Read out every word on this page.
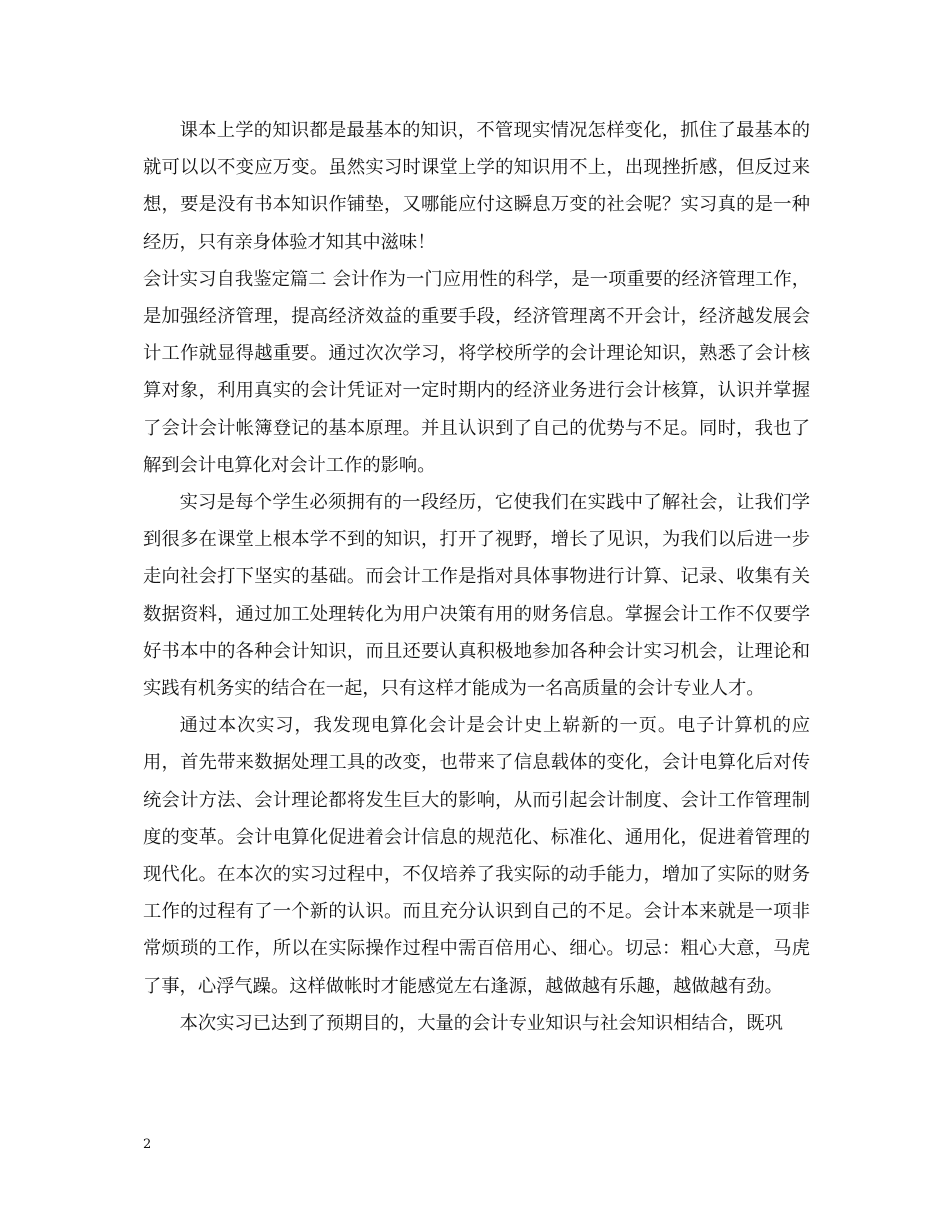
课本上学的知识都是最基本的知识，不管现实情况怎样变化，抓住了最基本的就可以以不变应万变。虽然实习时课堂上学的知识用不上，出现挫折感，但反过来想，要是没有书本知识作铺垫，又哪能应付这瞬息万变的社会呢？实习真的是一种经历，只有亲身体验才知其中滋味！

会计实习自我鉴定篇二 会计作为一门应用性的科学，是一项重要的经济管理工作，是加强经济管理，提高经济效益的重要手段，经济管理离不开会计，经济越发展会计工作就显得越重要。通过次次学习，将学校所学的会计理论知识，熟悉了会计核算对象，利用真实的会计凭证对一定时期内的经济业务进行会计核算，认识并掌握了会计会计帐簿登记的基本原理。并且认识到了自己的优势与不足。同时，我也了解到会计电算化对会计工作的影响。

实习是每个学生必须拥有的一段经历，它使我们在实践中了解社会，让我们学到很多在课堂上根本学不到的知识，打开了视野，增长了见识，为我们以后进一步走向社会打下坚实的基础。而会计工作是指对具体事物进行计算、记录、收集有关数据资料，通过加工处理转化为用户决策有用的财务信息。掌握会计工作不仅要学好书本中的各种会计知识，而且还要认真积极地参加各种会计实习机会，让理论和实践有机务实的结合在一起，只有这样才能成为一名高质量的会计专业人才。

通过本次实习，我发现电算化会计是会计史上崭新的一页。电子计算机的应用，首先带来数据处理工具的改变，也带来了信息载体的变化，会计电算化后对传统会计方法、会计理论都将发生巨大的影响，从而引起会计制度、会计工作管理制度的变革。会计电算化促进着会计信息的规范化、标准化、通用化，促进着管理的现代化。在本次的实习过程中，不仅培养了我实际的动手能力，增加了实际的财务工作的过程有了一个新的认识。而且充分认识到自己的不足。会计本来就是一项非常烦琐的工作，所以在实际操作过程中需百倍用心、细心。切忌：粗心大意，马虎了事，心浮气躁。这样做帐时才能感觉左右逢源，越做越有乐趣，越做越有劲。

本次实习已达到了预期目的，大量的会计专业知识与社会知识相结合，既巩

2
